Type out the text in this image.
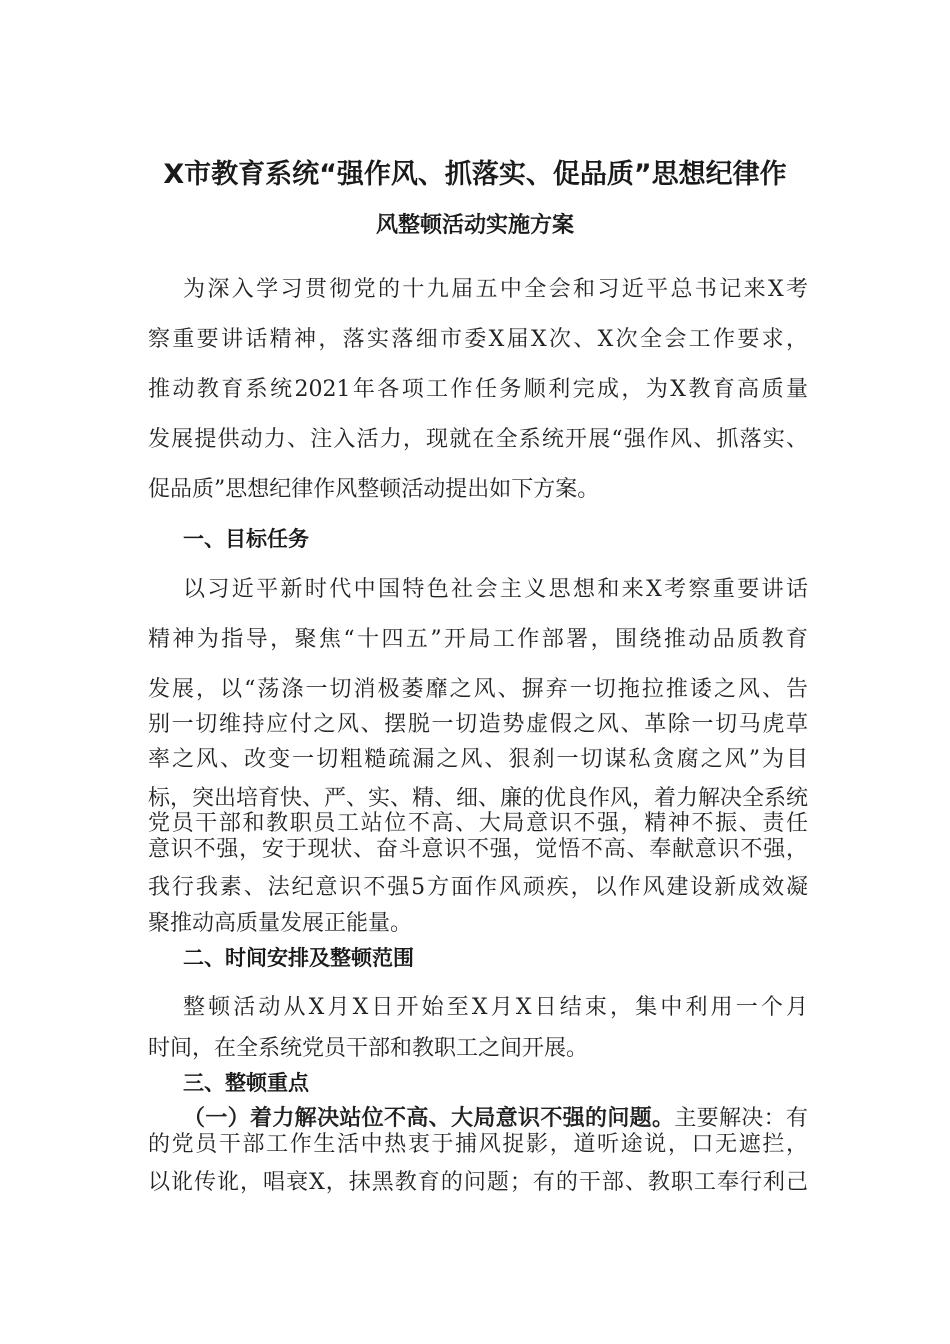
X市教育系统“强作风、抓落实、促品质”思想纪律作
风整顿活动实施方案
为深入学习贯彻党的十九届五中全会和习近平总书记来X考
察重要讲话精神，落实落细市委X届X次、X次全会工作要求，
推动教育系统2021年各项工作任务顺利完成，为X教育高质量
发展提供动力、注入活力，现就在全系统开展“强作风、抓落实、
促品质”思想纪律作风整顿活动提出如下方案。
一、目标任务
以习近平新时代中国特色社会主义思想和来X考察重要讲话
精神为指导，聚焦“十四五”开局工作部署，围绕推动品质教育
发展，以“荡涤一切消极萎靡之风、摒弃一切拖拉推诿之风、告
别一切维持应付之风、摆脱一切造势虚假之风、革除一切马虎草
率之风、改变一切粗糙疏漏之风、狠刹一切谋私贪腐之风”为目
标，突出培育快、严、实、精、细、廉的优良作风，着力解决全系统
党员干部和教职员工站位不高、大局意识不强，精神不振、责任
意识不强，安于现状、奋斗意识不强，觉悟不高、奉献意识不强，
我行我素、法纪意识不强5方面作风顽疾，以作风建设新成效凝
聚推动高质量发展正能量。
二、时间安排及整顿范围
整顿活动从X月X日开始至X月X日结束，集中利用一个月
时间，在全系统党员干部和教职工之间开展。
三、整顿重点
（一）着力解决站位不高、大局意识不强的问题。主要解决：有
的党员干部工作生活中热衷于捕风捉影，道听途说，口无遮拦，
以讹传讹，唱衰X，抹黑教育的问题；有的干部、教职工奉行利己
